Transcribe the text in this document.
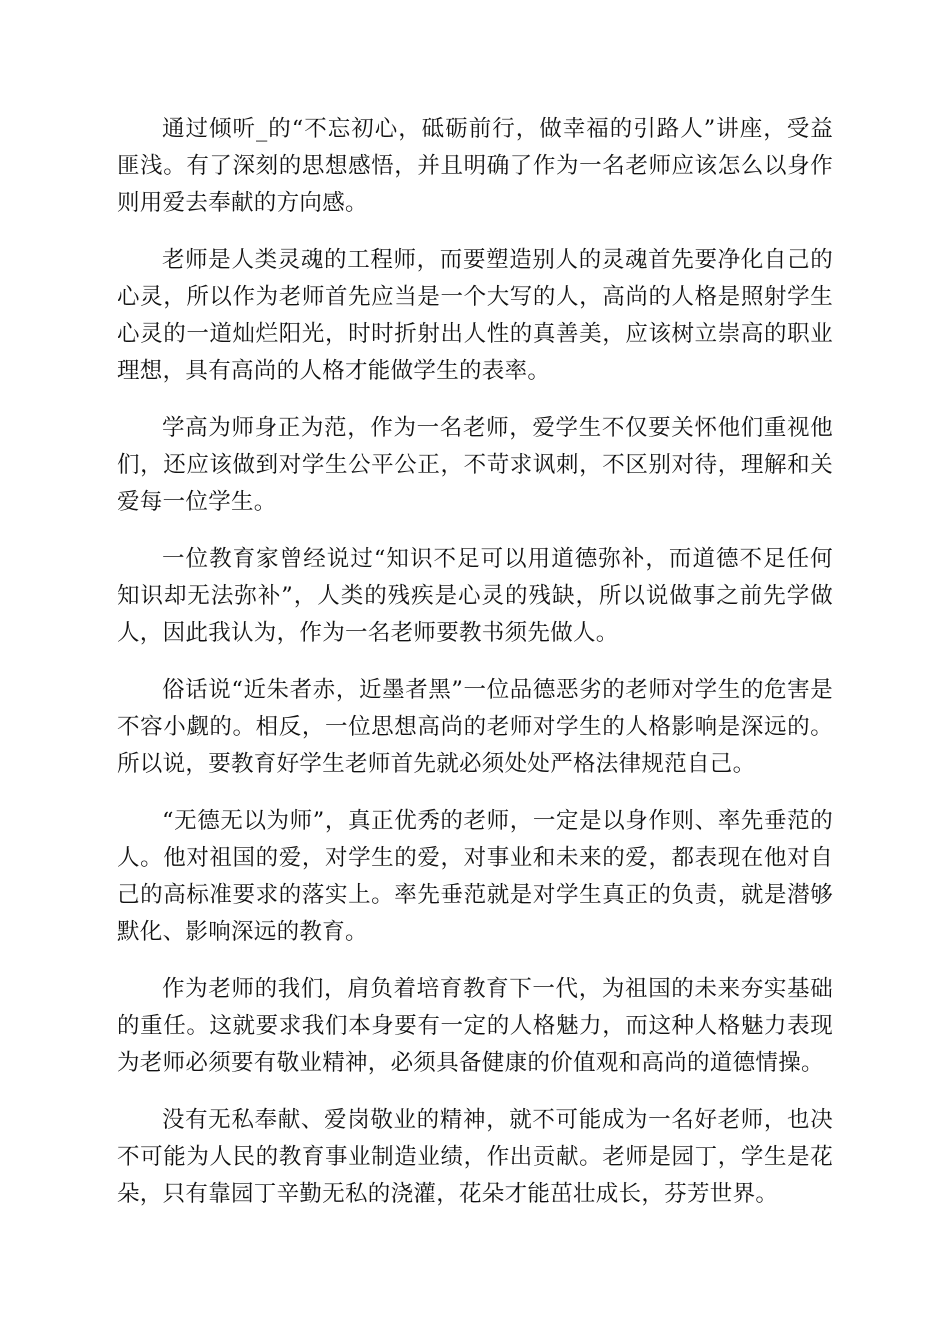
通过倾听_的“不忘初心，砥砺前行，做幸福的引路人”讲座，受益匪浅。有了深刻的思想感悟，并且明确了作为一名老师应该怎么以身作则用爱去奉献的方向感。

老师是人类灵魂的工程师，而要塑造别人的灵魂首先要净化自己的心灵，所以作为老师首先应当是一个大写的人，高尚的人格是照射学生心灵的一道灿烂阳光，时时折射出人性的真善美，应该树立崇高的职业理想，具有高尚的人格才能做学生的表率。

学高为师身正为范，作为一名老师，爱学生不仅要关怀他们重视他们，还应该做到对学生公平公正，不苛求讽刺，不区别对待，理解和关爱每一位学生。

一位教育家曾经说过“知识不足可以用道德弥补，而道德不足任何知识却无法弥补”，人类的残疾是心灵的残缺，所以说做事之前先学做人，因此我认为，作为一名老师要教书须先做人。

俗话说“近朱者赤，近墨者黑”一位品德恶劣的老师对学生的危害是不容小觑的。相反，一位思想高尚的老师对学生的人格影响是深远的。所以说，要教育好学生老师首先就必须处处严格法律规范自己。

“无德无以为师”，真正优秀的老师，一定是以身作则、率先垂范的人。他对祖国的爱，对学生的爱，对事业和未来的爱，都表现在他对自己的高标准要求的落实上。率先垂范就是对学生真正的负责，就是潜够默化、影响深远的教育。

作为老师的我们，肩负着培育教育下一代，为祖国的未来夯实基础的重任。这就要求我们本身要有一定的人格魅力，而这种人格魅力表现为老师必须要有敬业精神，必须具备健康的价值观和高尚的道德情操。

没有无私奉献、爱岗敬业的精神，就不可能成为一名好老师，也决不可能为人民的教育事业制造业绩，作出贡献。老师是园丁，学生是花朵，只有靠园丁辛勤无私的浇灌，花朵才能茁壮成长，芬芳世界。
